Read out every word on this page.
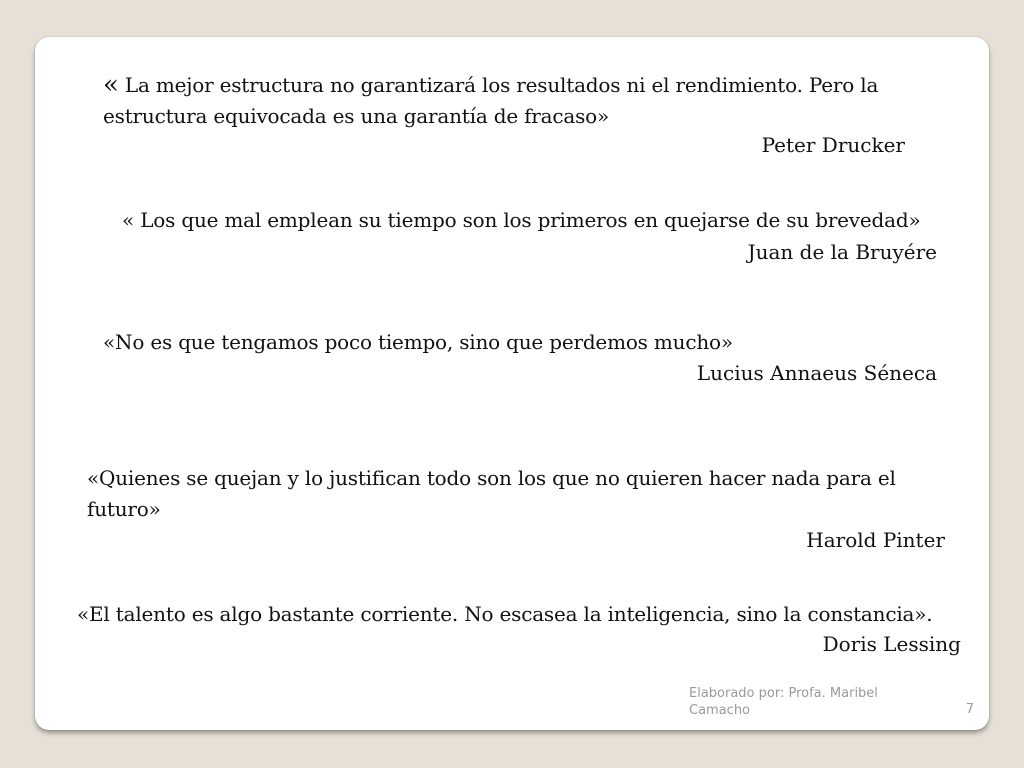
« La mejor estructura no garantizará los resultados ni el rendimiento. Pero la
estructura equivocada es una garantía de fracaso»
Peter Drucker
« Los que mal emplean su tiempo son los primeros en quejarse de su brevedad»
Juan de la Bruyére
«No es que tengamos poco tiempo, sino que perdemos mucho»
Lucius Annaeus Séneca
«Quienes se quejan y lo justifican todo son los que no quieren hacer nada para el
futuro»
Harold Pinter
«El talento es algo bastante corriente. No escasea la inteligencia, sino la constancia».
Doris Lessing
Elaborado por: Profa. Maribel Camacho	7
